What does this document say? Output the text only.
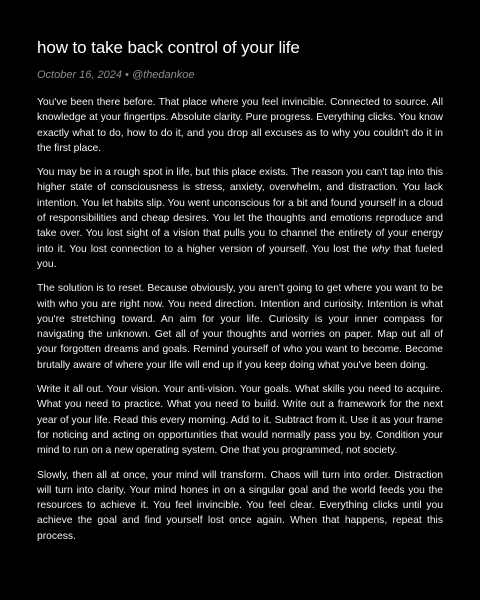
how to take back control of your life
October 16, 2024 • @thedankoe

You've been there before. That place where you feel invincible. Connected to source. All knowledge at your fingertips. Absolute clarity. Pure progress. Everything clicks. You know exactly what to do, how to do it, and you drop all excuses as to why you couldn't do it in the first place.

You may be in a rough spot in life, but this place exists. The reason you can't tap into this higher state of consciousness is stress, anxiety, overwhelm, and distraction. You lack intention. You let habits slip. You went unconscious for a bit and found yourself in a cloud of responsibilities and cheap desires. You let the thoughts and emotions reproduce and take over. You lost sight of a vision that pulls you to channel the entirety of your energy into it. You lost connection to a higher version of yourself. You lost the why that fueled you.

The solution is to reset. Because obviously, you aren't going to get where you want to be with who you are right now. You need direction. Intention and curiosity. Intention is what you're stretching toward. An aim for your life. Curiosity is your inner compass for navigating the unknown. Get all of your thoughts and worries on paper. Map out all of your forgotten dreams and goals. Remind yourself of who you want to become. Become brutally aware of where your life will end up if you keep doing what you've been doing.

Write it all out. Your vision. Your anti-vision. Your goals. What skills you need to acquire. What you need to practice. What you need to build. Write out a framework for the next year of your life. Read this every morning. Add to it. Subtract from it. Use it as your frame for noticing and acting on opportunities that would normally pass you by. Condition your mind to run on a new operating system. One that you programmed, not society.

Slowly, then all at once, your mind will transform. Chaos will turn into order. Distraction will turn into clarity. Your mind hones in on a singular goal and the world feeds you the resources to achieve it. You feel invincible. You feel clear. Everything clicks until you achieve the goal and find yourself lost once again. When that happens, repeat this process.
